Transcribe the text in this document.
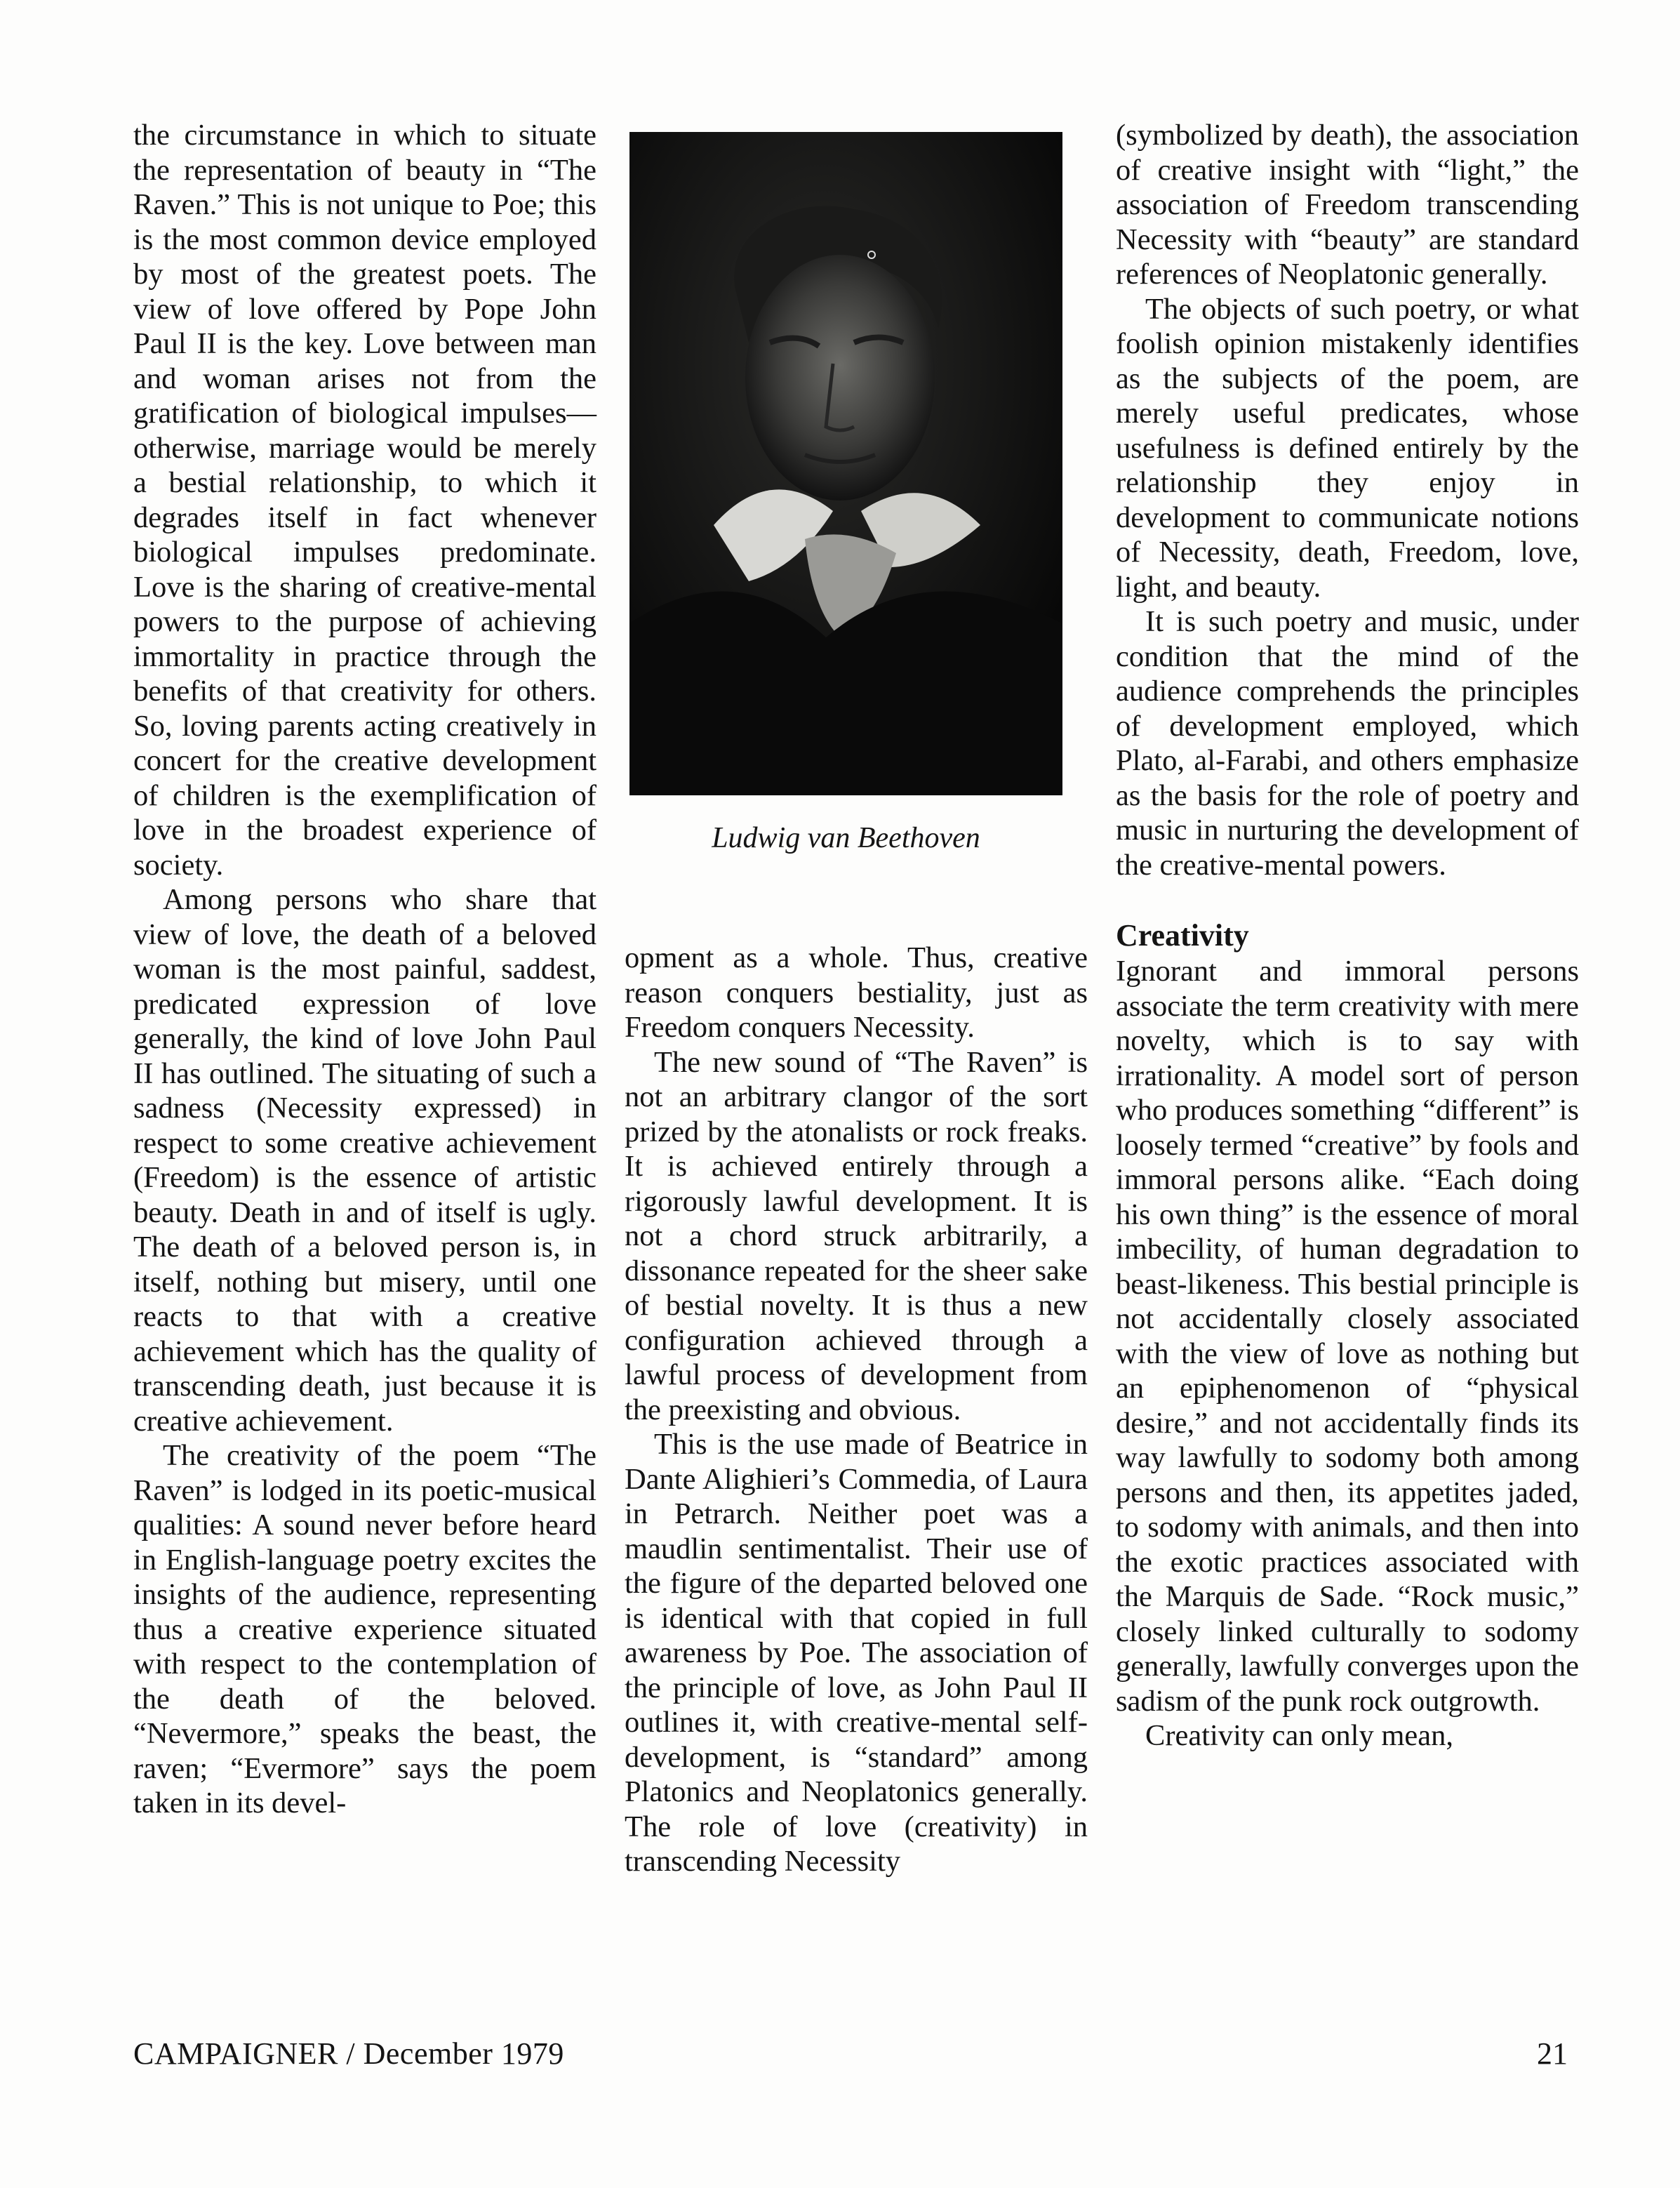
the circumstance in which to situate the representation of beauty in “The Raven.” This is not unique to Poe; this is the most common device employed by most of the greatest poets. The view of love offered by Pope John Paul II is the key. Love between man and woman arises not from the gratification of biological impulses—otherwise, marriage would be merely a bestial relationship, to which it degrades itself in fact whenever biological impulses predominate. Love is the sharing of creative-mental powers to the purpose of achieving immortality in practice through the benefits of that creativity for others. So, loving parents acting creatively in concert for the creative development of children is the exemplification of love in the broadest experience of society.

Among persons who share that view of love, the death of a beloved woman is the most painful, saddest, predicated expression of love generally, the kind of love John Paul II has outlined. The situating of such a sadness (Necessity expressed) in respect to some creative achievement (Freedom) is the essence of artistic beauty. Death in and of itself is ugly. The death of a beloved person is, in itself, nothing but misery, until one reacts to that with a creative achievement which has the quality of transcending death, just because it is creative achievement.

The creativity of the poem “The Raven” is lodged in its poetic-musical qualities: A sound never before heard in English-language poetry excites the insights of the audience, representing thus a creative experience situated with respect to the contemplation of the death of the beloved. “Nevermore,” speaks the beast, the raven; “Evermore” says the poem taken in its devel-

Ludwig van Beethoven

opment as a whole. Thus, creative reason conquers bestiality, just as Freedom conquers Necessity.

The new sound of “The Raven” is not an arbitrary clangor of the sort prized by the atonalists or rock freaks. It is achieved entirely through a rigorously lawful development. It is not a chord struck arbitrarily, a dissonance repeated for the sheer sake of bestial novelty. It is thus a new configuration achieved through a lawful process of development from the preexisting and obvious.

This is the use made of Beatrice in Dante Alighieri’s Commedia, of Laura in Petrarch. Neither poet was a maudlin sentimentalist. Their use of the figure of the departed beloved one is identical with that copied in full awareness by Poe. The association of the principle of love, as John Paul II outlines it, with creative-mental self-development, is “standard” among Platonics and Neoplatonics generally. The role of love (creativity) in transcending Necessity

(symbolized by death), the association of creative insight with “light,” the association of Freedom transcending Necessity with “beauty” are standard references of Neoplatonic generally.

The objects of such poetry, or what foolish opinion mistakenly identifies as the subjects of the poem, are merely useful predicates, whose usefulness is defined entirely by the relationship they enjoy in development to communicate notions of Necessity, death, Freedom, love, light, and beauty.

It is such poetry and music, under condition that the mind of the audience comprehends the principles of development employed, which Plato, al-Farabi, and others emphasize as the basis for the role of poetry and music in nurturing the development of the creative-mental powers.

Creativity

Ignorant and immoral persons associate the term creativity with mere novelty, which is to say with irrationality. A model sort of person who produces something “different” is loosely termed “creative” by fools and immoral persons alike. “Each doing his own thing” is the essence of moral imbecility, of human degradation to beast-likeness. This bestial principle is not accidentally closely associated with the view of love as nothing but an epiphenomenon of “physical desire,” and not accidentally finds its way lawfully to sodomy both among persons and then, its appetites jaded, to sodomy with animals, and then into the exotic practices associated with the Marquis de Sade. “Rock music,” closely linked culturally to sodomy generally, lawfully converges upon the sadism of the punk rock outgrowth.

Creativity can only mean,

CAMPAIGNER / December 1979	21
